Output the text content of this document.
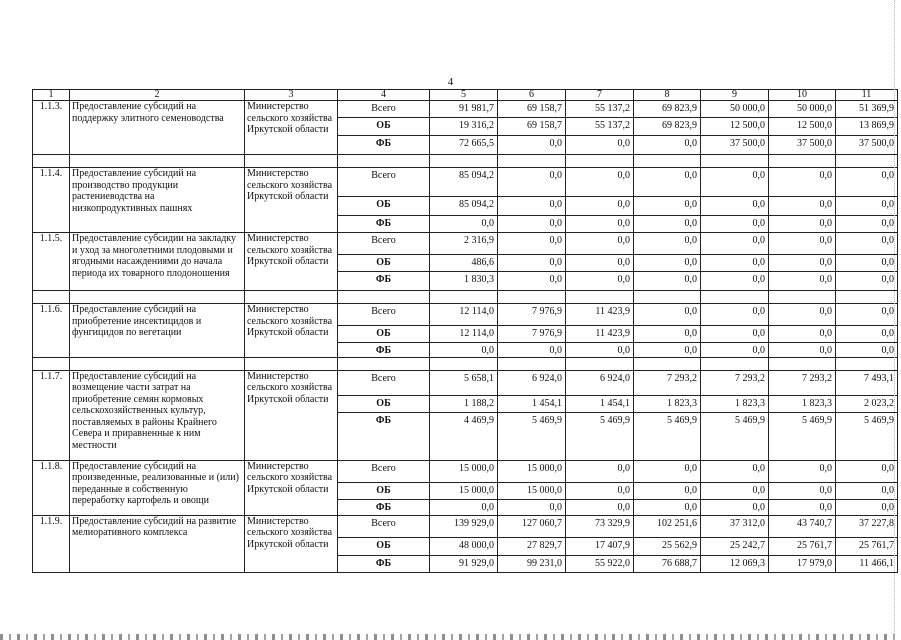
4
1	2	3	4	5	6	7	8	9	10	11
1.1.3.	Предоставление субсидий на поддержку элитного семеноводства	Министерство сельского хозяйства Иркутской области	Всего	91 981,7	69 158,7	55 137,2	69 823,9	50 000,0	50 000,0	51 369,9
			ОБ	19 316,2	69 158,7	55 137,2	69 823,9	12 500,0	12 500,0	13 869,9
			ФБ	72 665,5	0,0	0,0	0,0	37 500,0	37 500,0	37 500,0

1.1.4.	Предоставление субсидий на производство продукции растениеводства на низкопродуктивных пашнях	Министерство сельского хозяйства Иркутской области	Всего	85 094,2	0,0	0,0	0,0	0,0	0,0	0,0
			ОБ	85 094,2	0,0	0,0	0,0	0,0	0,0	0,0
			ФБ	0,0	0,0	0,0	0,0	0,0	0,0	0,0
1.1.5.	Предоставление субсидии на закладку и уход за многолетними плодовыми и ягодными насаждениями до начала периода их товарного плодоношения	Министерство сельского хозяйства Иркутской области	Всего	2 316,9	0,0	0,0	0,0	0,0	0,0	0,0
			ОБ	486,6	0,0	0,0	0,0	0,0	0,0	0,0
			ФБ	1 830,3	0,0	0,0	0,0	0,0	0,0	0,0

1.1.6.	Предоставление субсидий на приобретение инсектицидов и фунгицидов по вегетации	Министерство сельского хозяйства Иркутской области	Всего	12 114,0	7 976,9	11 423,9	0,0	0,0	0,0	0,0
			ОБ	12 114,0	7 976,9	11 423,9	0,0	0,0	0,0	0,0
			ФБ	0,0	0,0	0,0	0,0	0,0	0,0	0,0

1.1.7.	Предоставление субсидий на возмещение части затрат на приобретение семян кормовых сельскохозяйственных культур, поставляемых в районы Крайнего Севера и приравненные к ним местности	Министерство сельского хозяйства Иркутской области	Всего	5 658,1	6 924,0	6 924,0	7 293,2	7 293,2	7 293,2	7 493,1
			ОБ	1 188,2	1 454,1	1 454,1	1 823,3	1 823,3	1 823,3	2 023,2
			ФБ	4 469,9	5 469,9	5 469,9	5 469,9	5 469,9	5 469,9	5 469,9
1.1.8.	Предоставление субсидий на произведенные, реализованные и (или) переданные в собственную переработку картофель и овощи	Министерство сельского хозяйства Иркутской области	Всего	15 000,0	15 000,0	0,0	0,0	0,0	0,0	0,0
			ОБ	15 000,0	15 000,0	0,0	0,0	0,0	0,0	0,0
			ФБ	0,0	0,0	0,0	0,0	0,0	0,0	0,0
1.1.9.	Предоставление субсидий на развитие мелиоративного комплекса	Министерство сельского хозяйства Иркутской области	Всего	139 929,0	127 060,7	73 329,9	102 251,6	37 312,0	43 740,7	37 227,8
			ОБ	48 000,0	27 829,7	17 407,9	25 562,9	25 242,7	25 761,7	25 761,7
			ФБ	91 929,0	99 231,0	55 922,0	76 688,7	12 069,3	17 979,0	11 466,1
